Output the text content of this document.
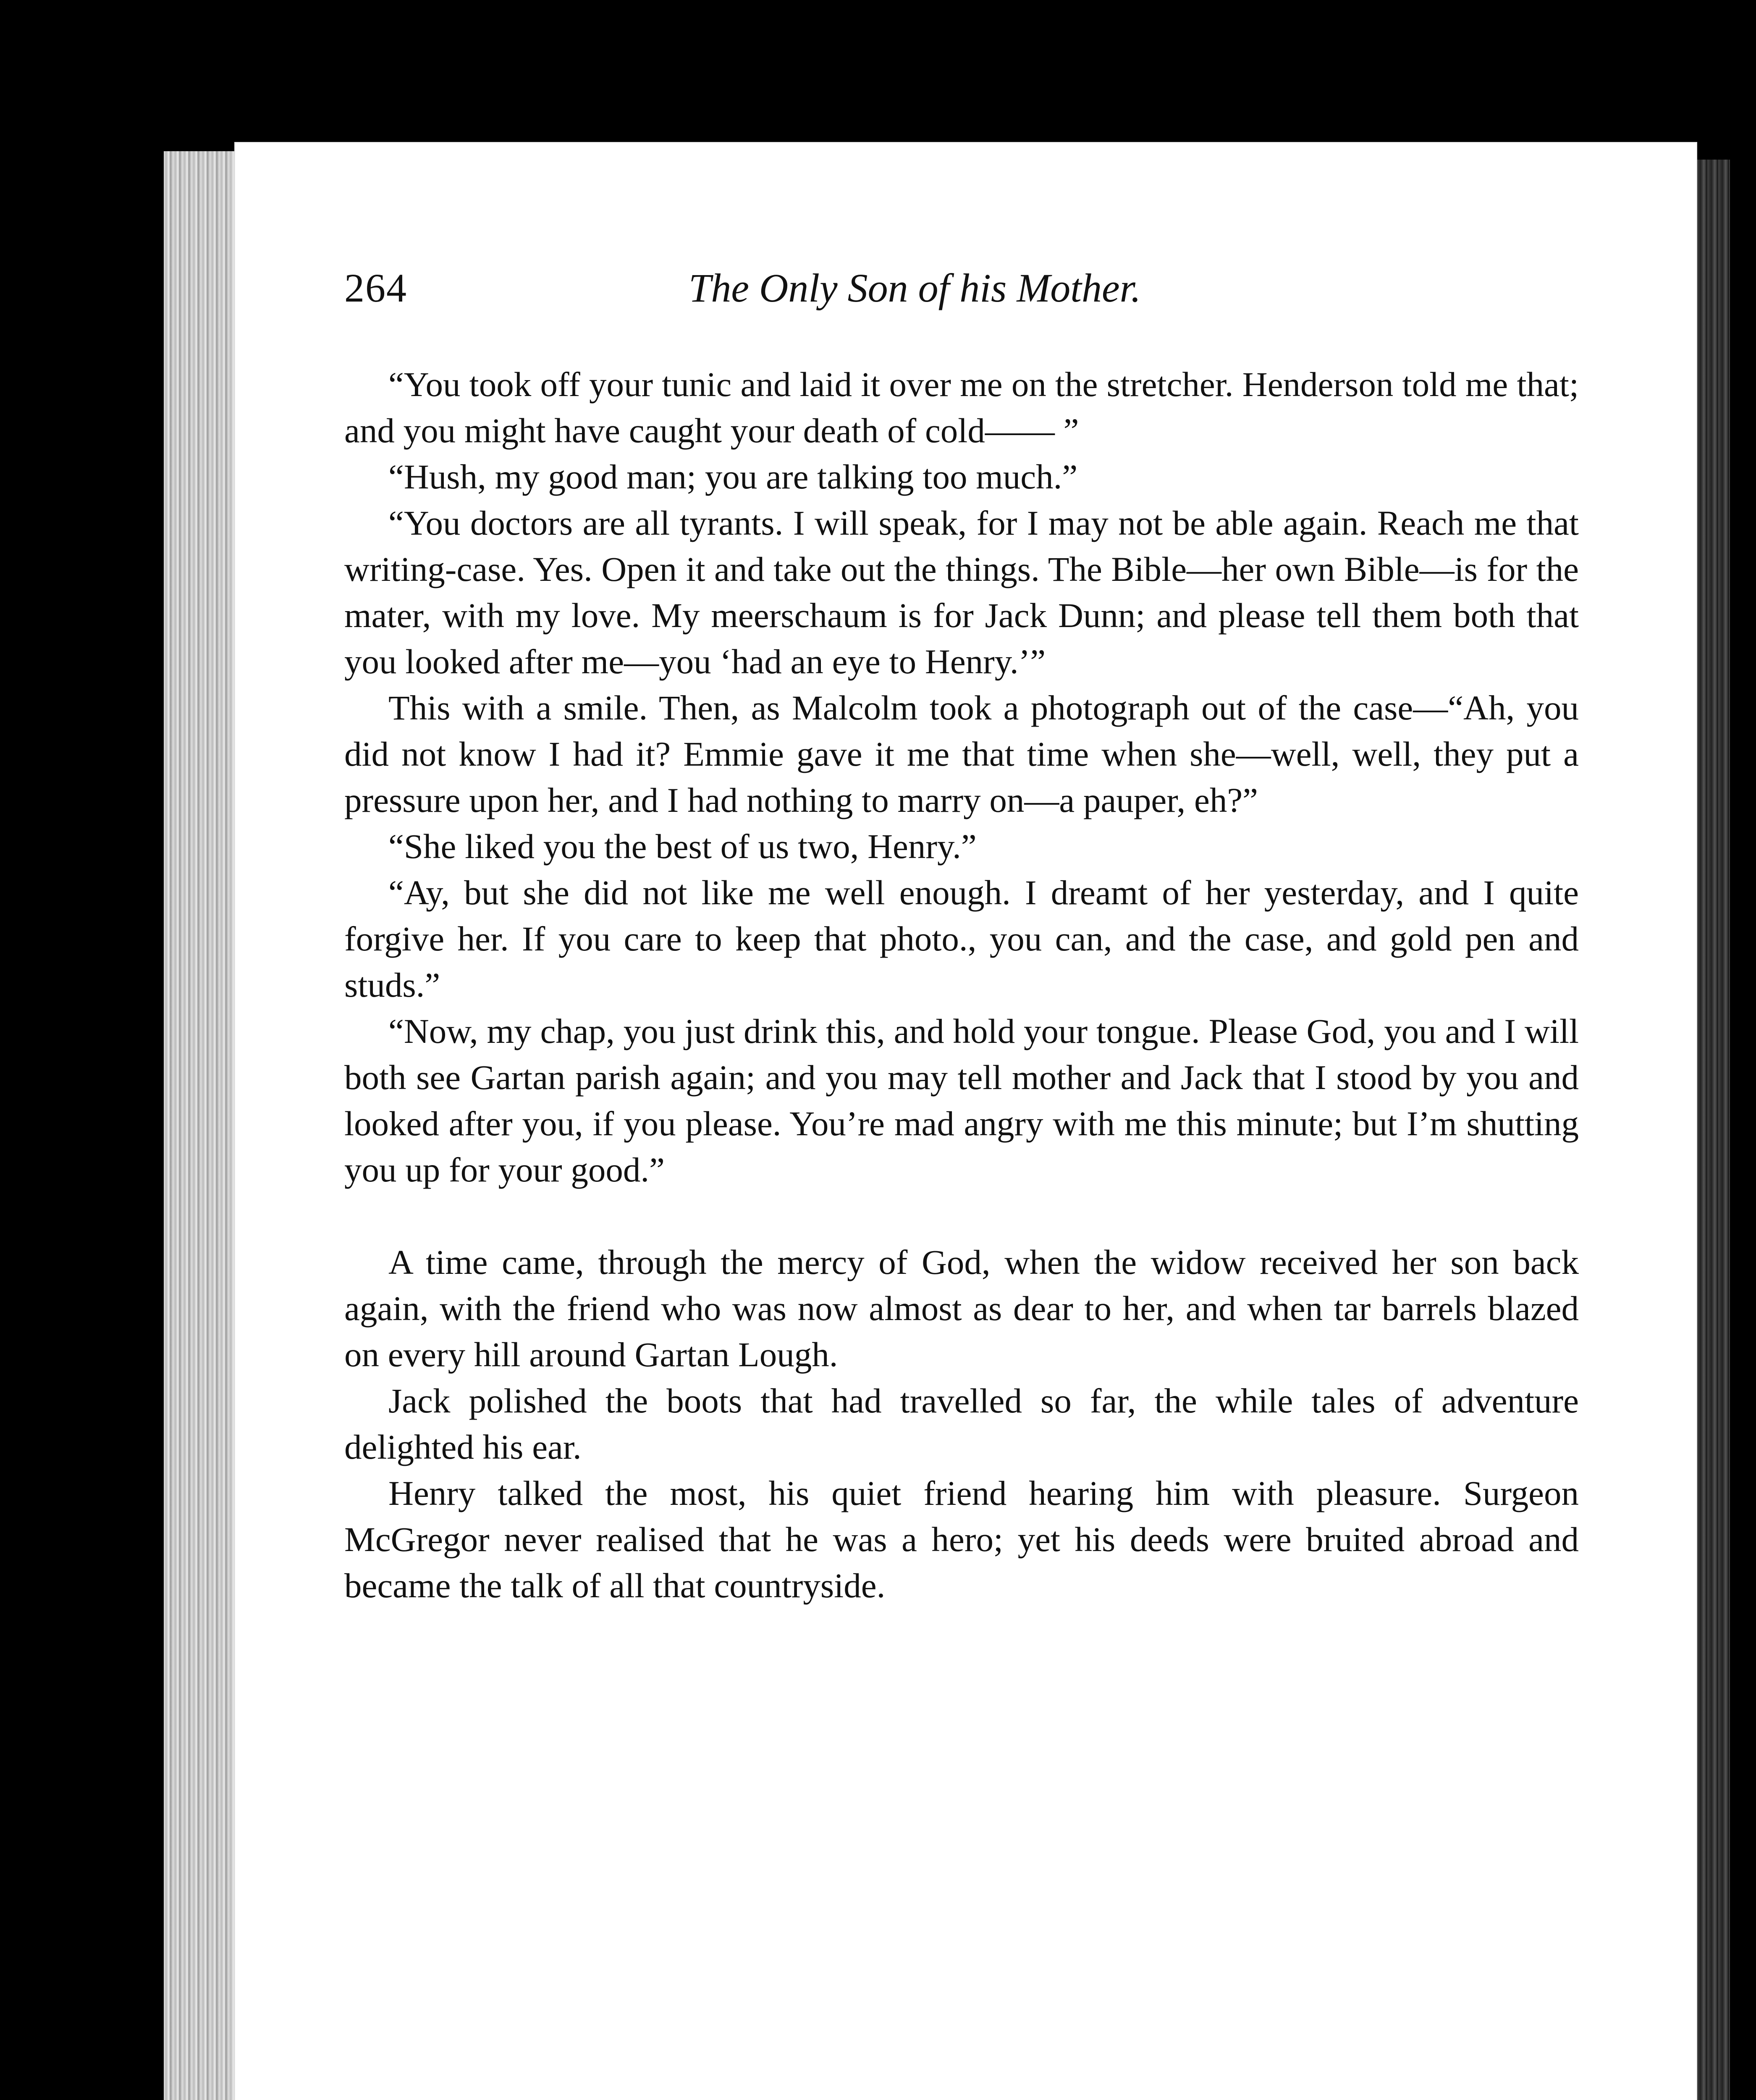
264	The Only Son of his Mother.

“You took off your tunic and laid it over me on the stretcher. Henderson told me that; and you might have caught your death of cold—— ”

“Hush, my good man; you are talking too much.”

“You doctors are all tyrants. I will speak, for I may not be able again. Reach me that writing-case. Yes. Open it and take out the things. The Bible—her own Bible—is for the mater, with my love. My meerschaum is for Jack Dunn; and please tell them both that you looked after me—you ‘had an eye to Henry.’”

This with a smile. Then, as Malcolm took a photograph out of the case—“Ah, you did not know I had it? Emmie gave it me that time when she—well, well, they put a pressure upon her, and I had nothing to marry on—a pauper, eh?”

“She liked you the best of us two, Henry.”

“Ay, but she did not like me well enough. I dreamt of her yesterday, and I quite forgive her. If you care to keep that photo., you can, and the case, and gold pen and studs.”

“Now, my chap, you just drink this, and hold your tongue. Please God, you and I will both see Gartan parish again; and you may tell mother and Jack that I stood by you and looked after you, if you please. You’re mad angry with me this minute; but I’m shutting you up for your good.”

A time came, through the mercy of God, when the widow received her son back again, with the friend who was now almost as dear to her, and when tar barrels blazed on every hill around Gartan Lough.

Jack polished the boots that had travelled so far, the while tales of adventure delighted his ear.

Henry talked the most, his quiet friend hearing him with pleasure. Surgeon McGregor never realised that he was a hero; yet his deeds were bruited abroad and became the talk of all that countryside.
